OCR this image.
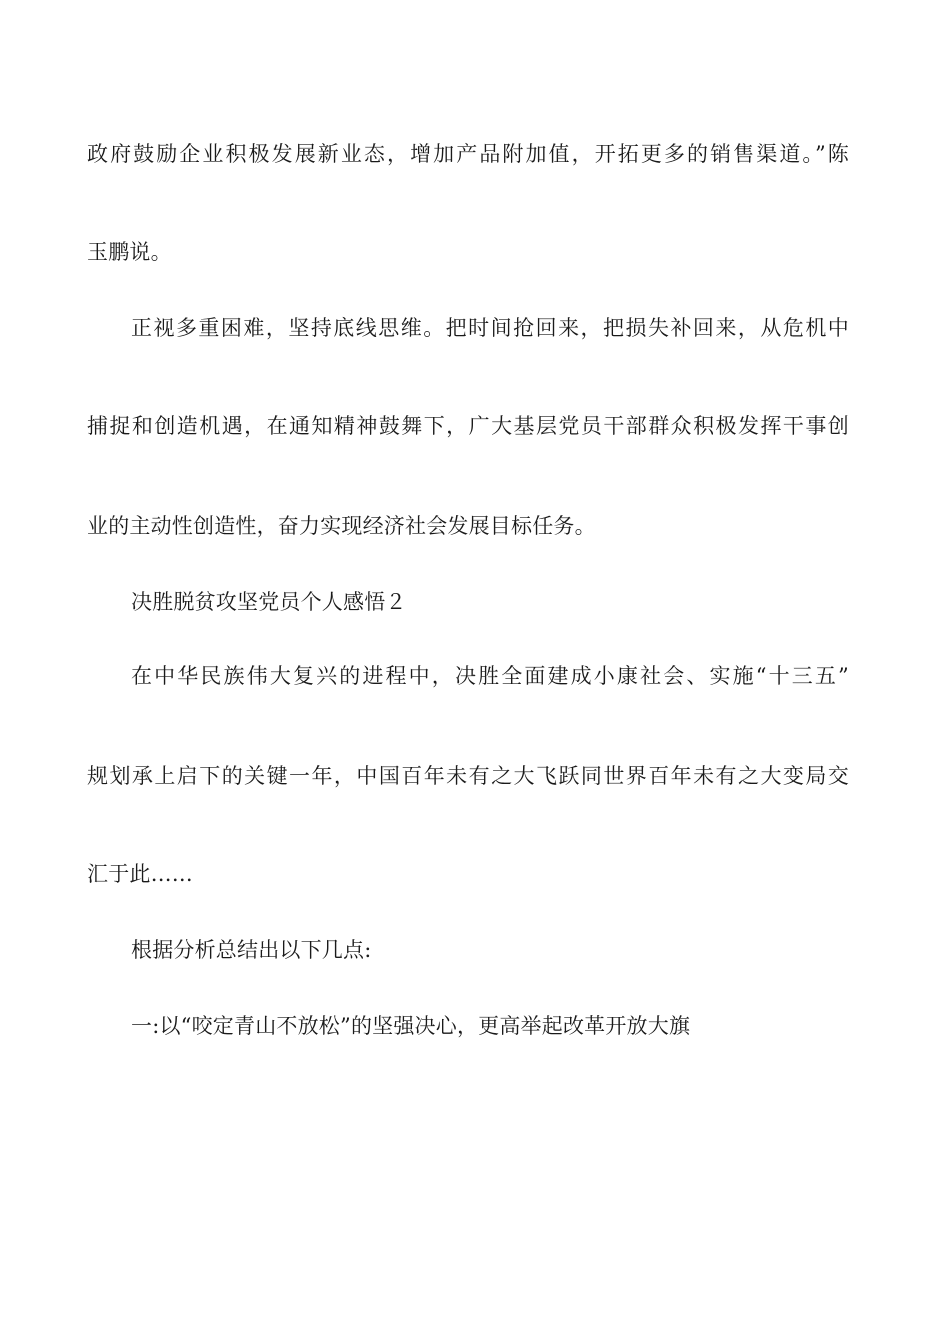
政府鼓励企业积极发展新业态，增加产品附加值，开拓更多的销售渠道。”陈
玉鹏说。
正视多重困难，坚持底线思维。把时间抢回来，把损失补回来，从危机中
捕捉和创造机遇，在通知精神鼓舞下，广大基层党员干部群众积极发挥干事创
业的主动性创造性，奋力实现经济社会发展目标任务。
决胜脱贫攻坚党员个人感悟２
在中华民族伟大复兴的进程中，决胜全面建成小康社会、实施“十三五”
规划承上启下的关键一年，中国百年未有之大飞跃同世界百年未有之大变局交
汇于此……
根据分析总结出以下几点:
一:以“咬定青山不放松”的坚强决心，更高举起改革开放大旗
